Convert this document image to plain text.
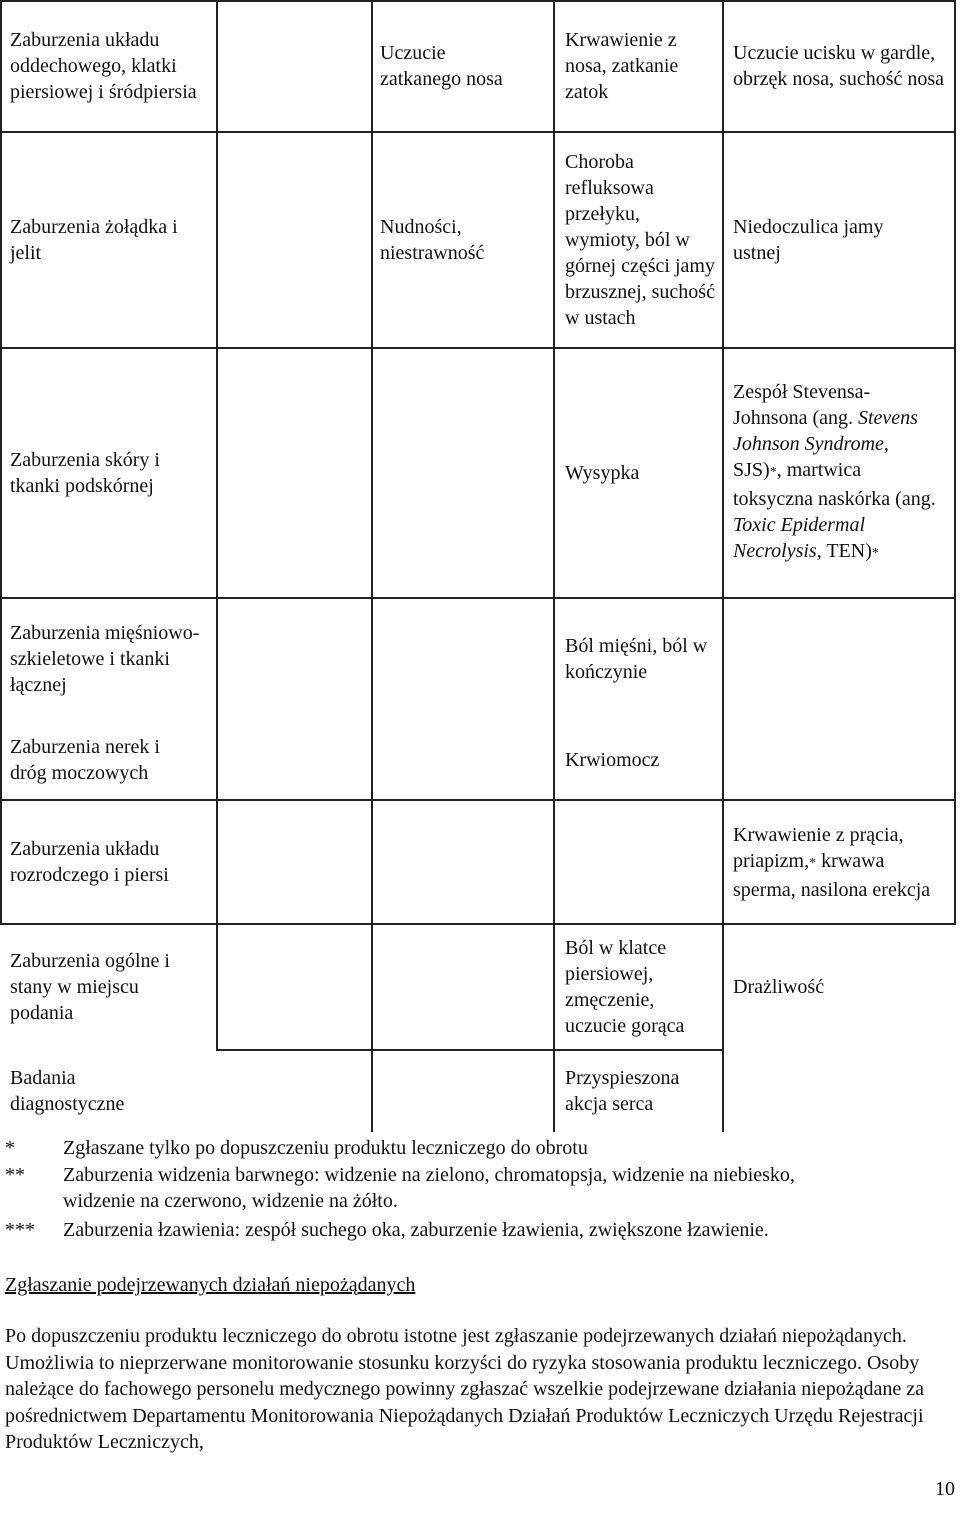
Zaburzenia układu oddechowego, klatki piersiowej i śródpiersia
Uczucie zatkanego nosa
Krwawienie z nosa, zatkanie zatok
Uczucie ucisku w gardle, obrzęk nosa, suchość nosa
Zaburzenia żołądka i jelit
Nudności, niestrawność
Choroba refluksowa przełyku, wymioty, ból w górnej części jamy brzusznej, suchość w ustach
Niedoczulica jamy ustnej
Zaburzenia skóry i tkanki podskórnej
Wysypka
Zespół Stevensa-Johnsona (ang. Stevens Johnson Syndrome, SJS)*, martwica toksyczna naskórka (ang. Toxic Epidermal Necrolysis, TEN)*
Zaburzenia mięśniowo-szkieletowe i tkanki łącznej
Ból mięśni, ból w kończynie
Zaburzenia nerek i dróg moczowych
Krwiomocz
Zaburzenia układu rozrodczego i piersi
Krwawienie z prącia, priapizm,* krwawa sperma, nasilona erekcja
Zaburzenia ogólne i stany w miejscu podania
Ból w klatce piersiowej, zmęczenie, uczucie gorąca
Drażliwość
Badania diagnostyczne
Przyspieszona akcja serca
* Zgłaszane tylko po dopuszczeniu produktu leczniczego do obrotu
** Zaburzenia widzenia barwnego: widzenie na zielono, chromatopsja, widzenie na niebiesko, widzenie na czerwono, widzenie na żółto.
*** Zaburzenia łzawienia: zespół suchego oka, zaburzenie łzawienia, zwiększone łzawienie.
Zgłaszanie podejrzewanych działań niepożądanych
Po dopuszczeniu produktu leczniczego do obrotu istotne jest zgłaszanie podejrzewanych działań niepożądanych. Umożliwia to nieprzerwane monitorowanie stosunku korzyści do ryzyka stosowania produktu leczniczego. Osoby należące do fachowego personelu medycznego powinny zgłaszać wszelkie podejrzewane działania niepożądane za pośrednictwem Departamentu Monitorowania Niepożądanych Działań Produktów Leczniczych Urzędu Rejestracji Produktów Leczniczych,
10
